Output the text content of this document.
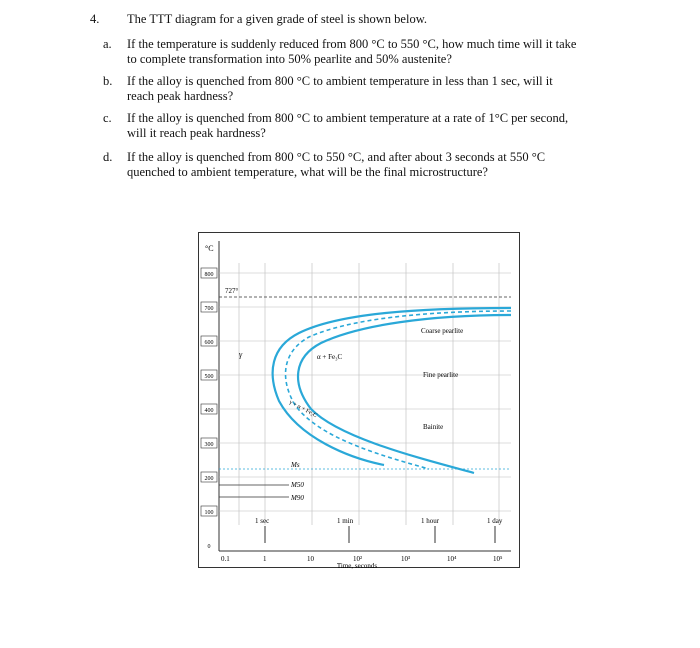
4. The TTT diagram for a given grade of steel is shown below.
a. If the temperature is suddenly reduced from 800 °C to 550 °C, how much time will it take
to complete transformation into 50% pearlite and 50% austenite?
b. If the alloy is quenched from 800 °C to ambient temperature in less than 1 sec, will it
reach peak hardness?
c. If the alloy is quenched from 800 °C to ambient temperature at a rate of 1°C per second,
will it reach peak hardness?
d. If the alloy is quenched from 800 °C to 550 °C, and after about 3 seconds at 550 °C
quenched to ambient temperature, what will be the final microstructure?
°C
800
700
600
500
400
300
200
100
0
727°
Ms
M50
M90
γ	α + Fe₃C
γ + α + Fe₃C
Coarse pearlite
Fine pearlite
Bainite
1 sec	1 min	1 hour	1 day
0.1	1	10	10²	10³	10⁴	10⁵
Time, seconds
